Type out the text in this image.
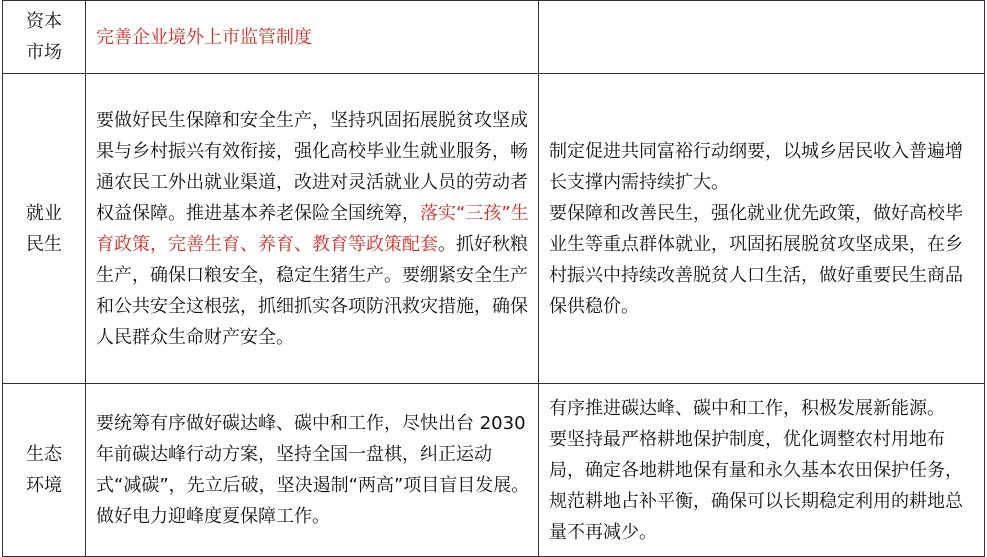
资本
市场	完善企业境外上市监管制度	

就业
民生	要做好民生保障和安全生产，坚持巩固拓展脱贫攻坚成果与乡村振兴有效衔接，强化高校毕业生就业服务，畅通农民工外出就业渠道，改进对灵活就业人员的劳动者权益保障。推进基本养老保险全国统筹，落实“三孩”生育政策，完善生育、养育、教育等政策配套。抓好秋粮生产，确保口粮安全，稳定生猪生产。要绷紧安全生产和公共安全这根弦，抓细抓实各项防汛救灾措施，确保人民群众生命财产安全。	制定促进共同富裕行动纲要，以城乡居民收入普遍增长支撑内需持续扩大。
要保障和改善民生，强化就业优先政策，做好高校毕业生等重点群体就业，巩固拓展脱贫攻坚成果，在乡村振兴中持续改善脱贫人口生活，做好重要民生商品保供稳价。

生态
环境	要统筹有序做好碳达峰、碳中和工作，尽快出台 2030 年前碳达峰行动方案，坚持全国一盘棋，纠正运动式“减碳”，先立后破，坚决遏制“两高”项目盲目发展。做好电力迎峰度夏保障工作。	有序推进碳达峰、碳中和工作，积极发展新能源。
要坚持最严格耕地保护制度，优化调整农村用地布局，确定各地耕地保有量和永久基本农田保护任务，规范耕地占补平衡，确保可以长期稳定利用的耕地总量不再减少。
